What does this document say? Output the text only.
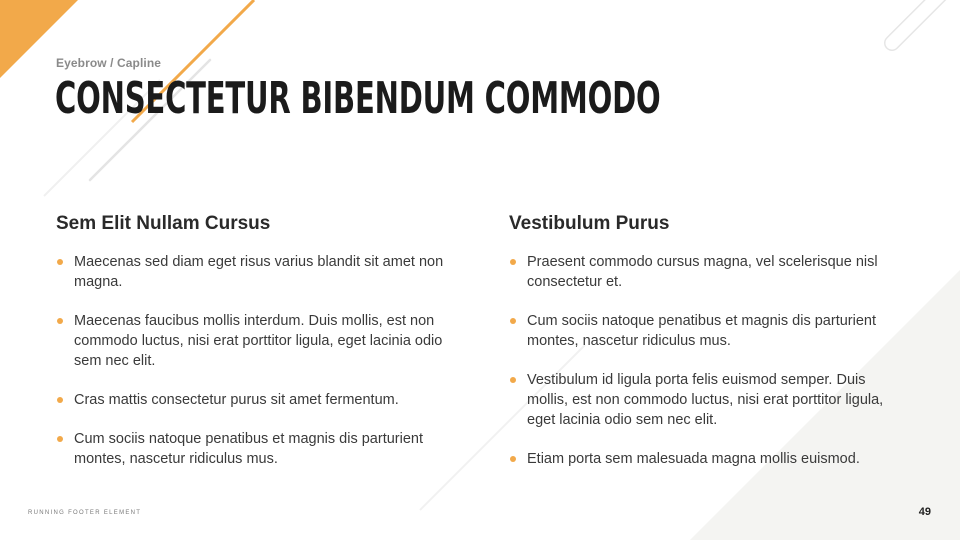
Eyebrow / Capline
CONSECTETUR BIBENDUM COMMODO
Sem Elit Nullam Cursus
Maecenas sed diam eget risus varius blandit sit amet non magna.
Maecenas faucibus mollis interdum. Duis mollis, est non commodo luctus, nisi erat porttitor ligula, eget lacinia odio sem nec elit.
Cras mattis consectetur purus sit amet fermentum.
Cum sociis natoque penatibus et magnis dis parturient montes, nascetur ridiculus mus.
Vestibulum Purus
Praesent commodo cursus magna, vel scelerisque nisl consectetur et.
Cum sociis natoque penatibus et magnis dis parturient montes, nascetur ridiculus mus.
Vestibulum id ligula porta felis euismod semper. Duis mollis, est non commodo luctus, nisi erat porttitor ligula, eget lacinia odio sem nec elit.
Etiam porta sem malesuada magna mollis euismod.
RUNNING FOOTER ELEMENT	49
